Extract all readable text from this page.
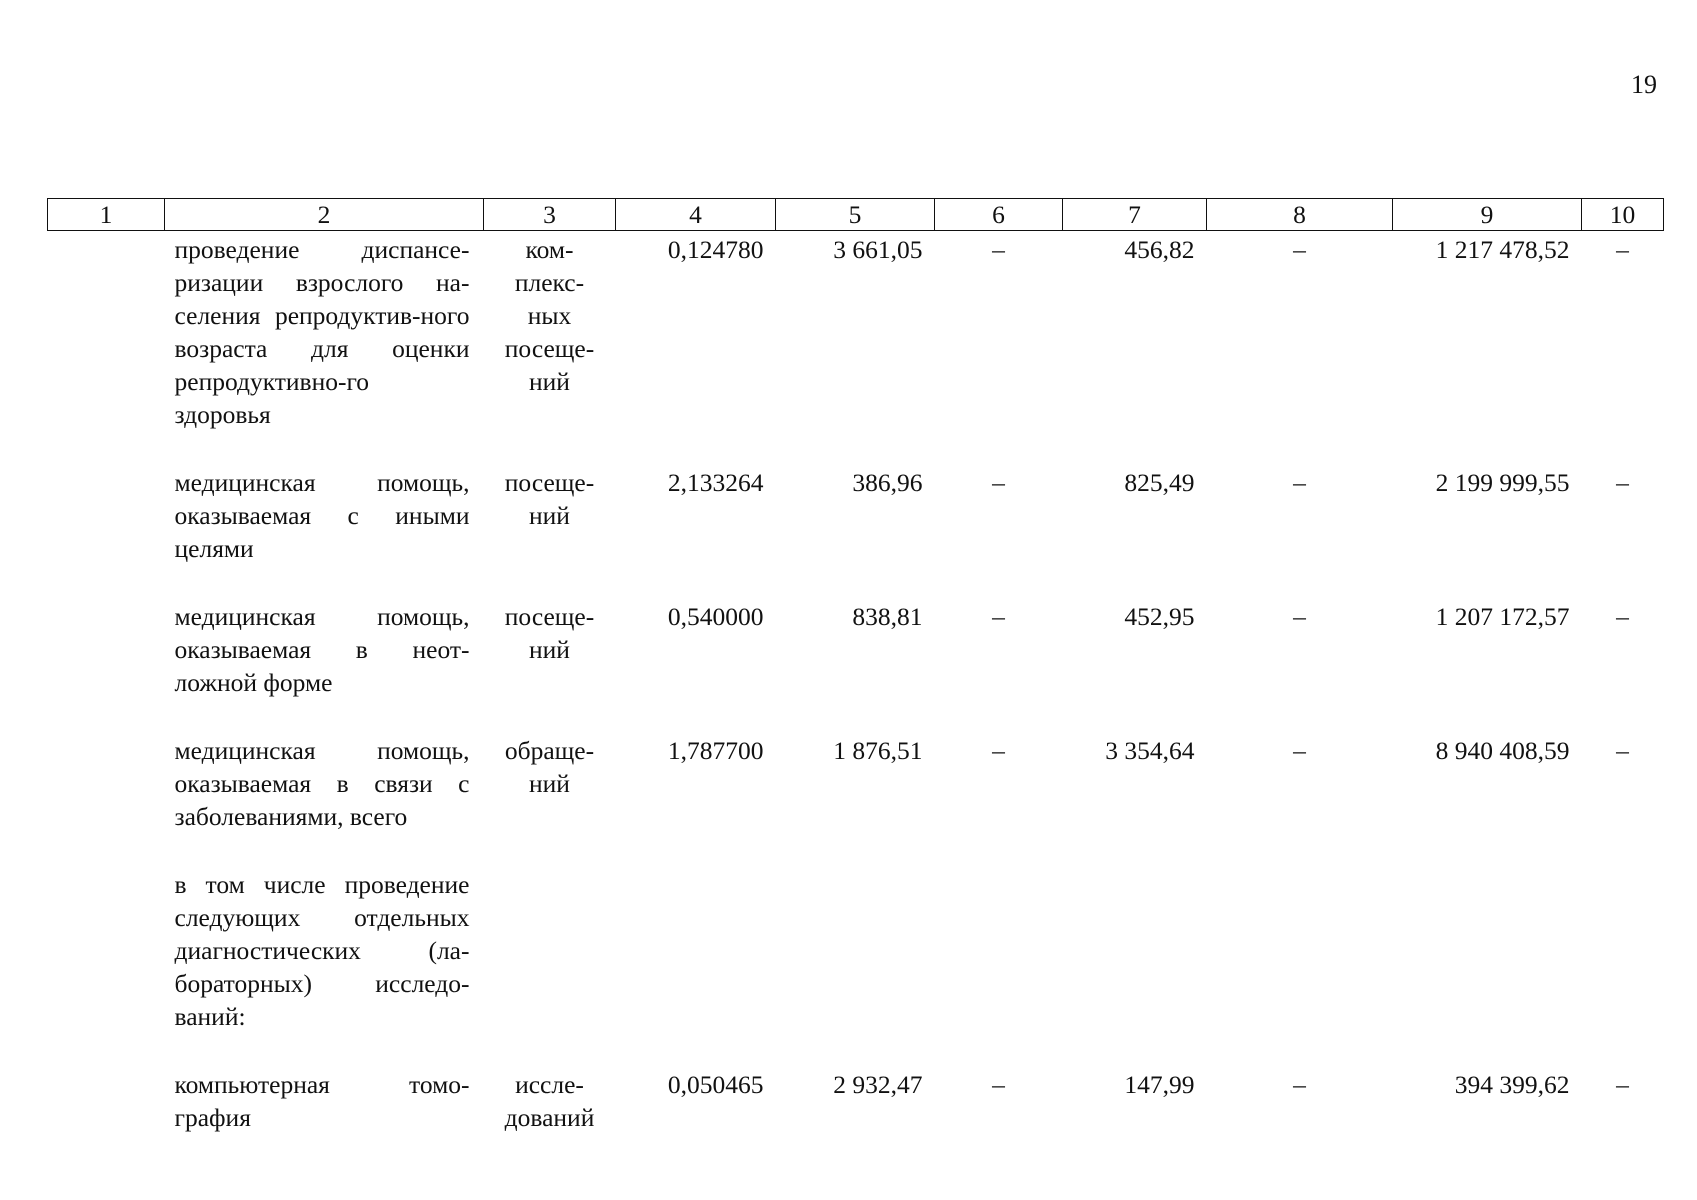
19
1	2	3	4	5	6	7	8	9	10
	проведение диспансе-ризации взрослого на-селения репродуктив-ного возраста для оценки репродуктивно-го здоровья	ком-
плекс-
ных
посеще-
ний	0,124780	3 661,05	–	456,82	–	1 217 478,52	–
	медицинская помощь, оказываемая с иными целями	посеще-
ний	2,133264	386,96	–	825,49	–	2 199 999,55	–
	медицинская помощь, оказываемая в неот-ложной форме	посеще-
ний	0,540000	838,81	–	452,95	–	1 207 172,57	–
	медицинская помощь, оказываемая в связи с заболеваниями, всего	обраще-
ний	1,787700	1 876,51	–	3 354,64	–	8 940 408,59	–
	в том числе проведение следующих отдельных диагностических (ла-бораторных) исследо-ваний:								
	компьютерная томо-графия	иссле-
дований	0,050465	2 932,47	–	147,99	–	394 399,62	–
